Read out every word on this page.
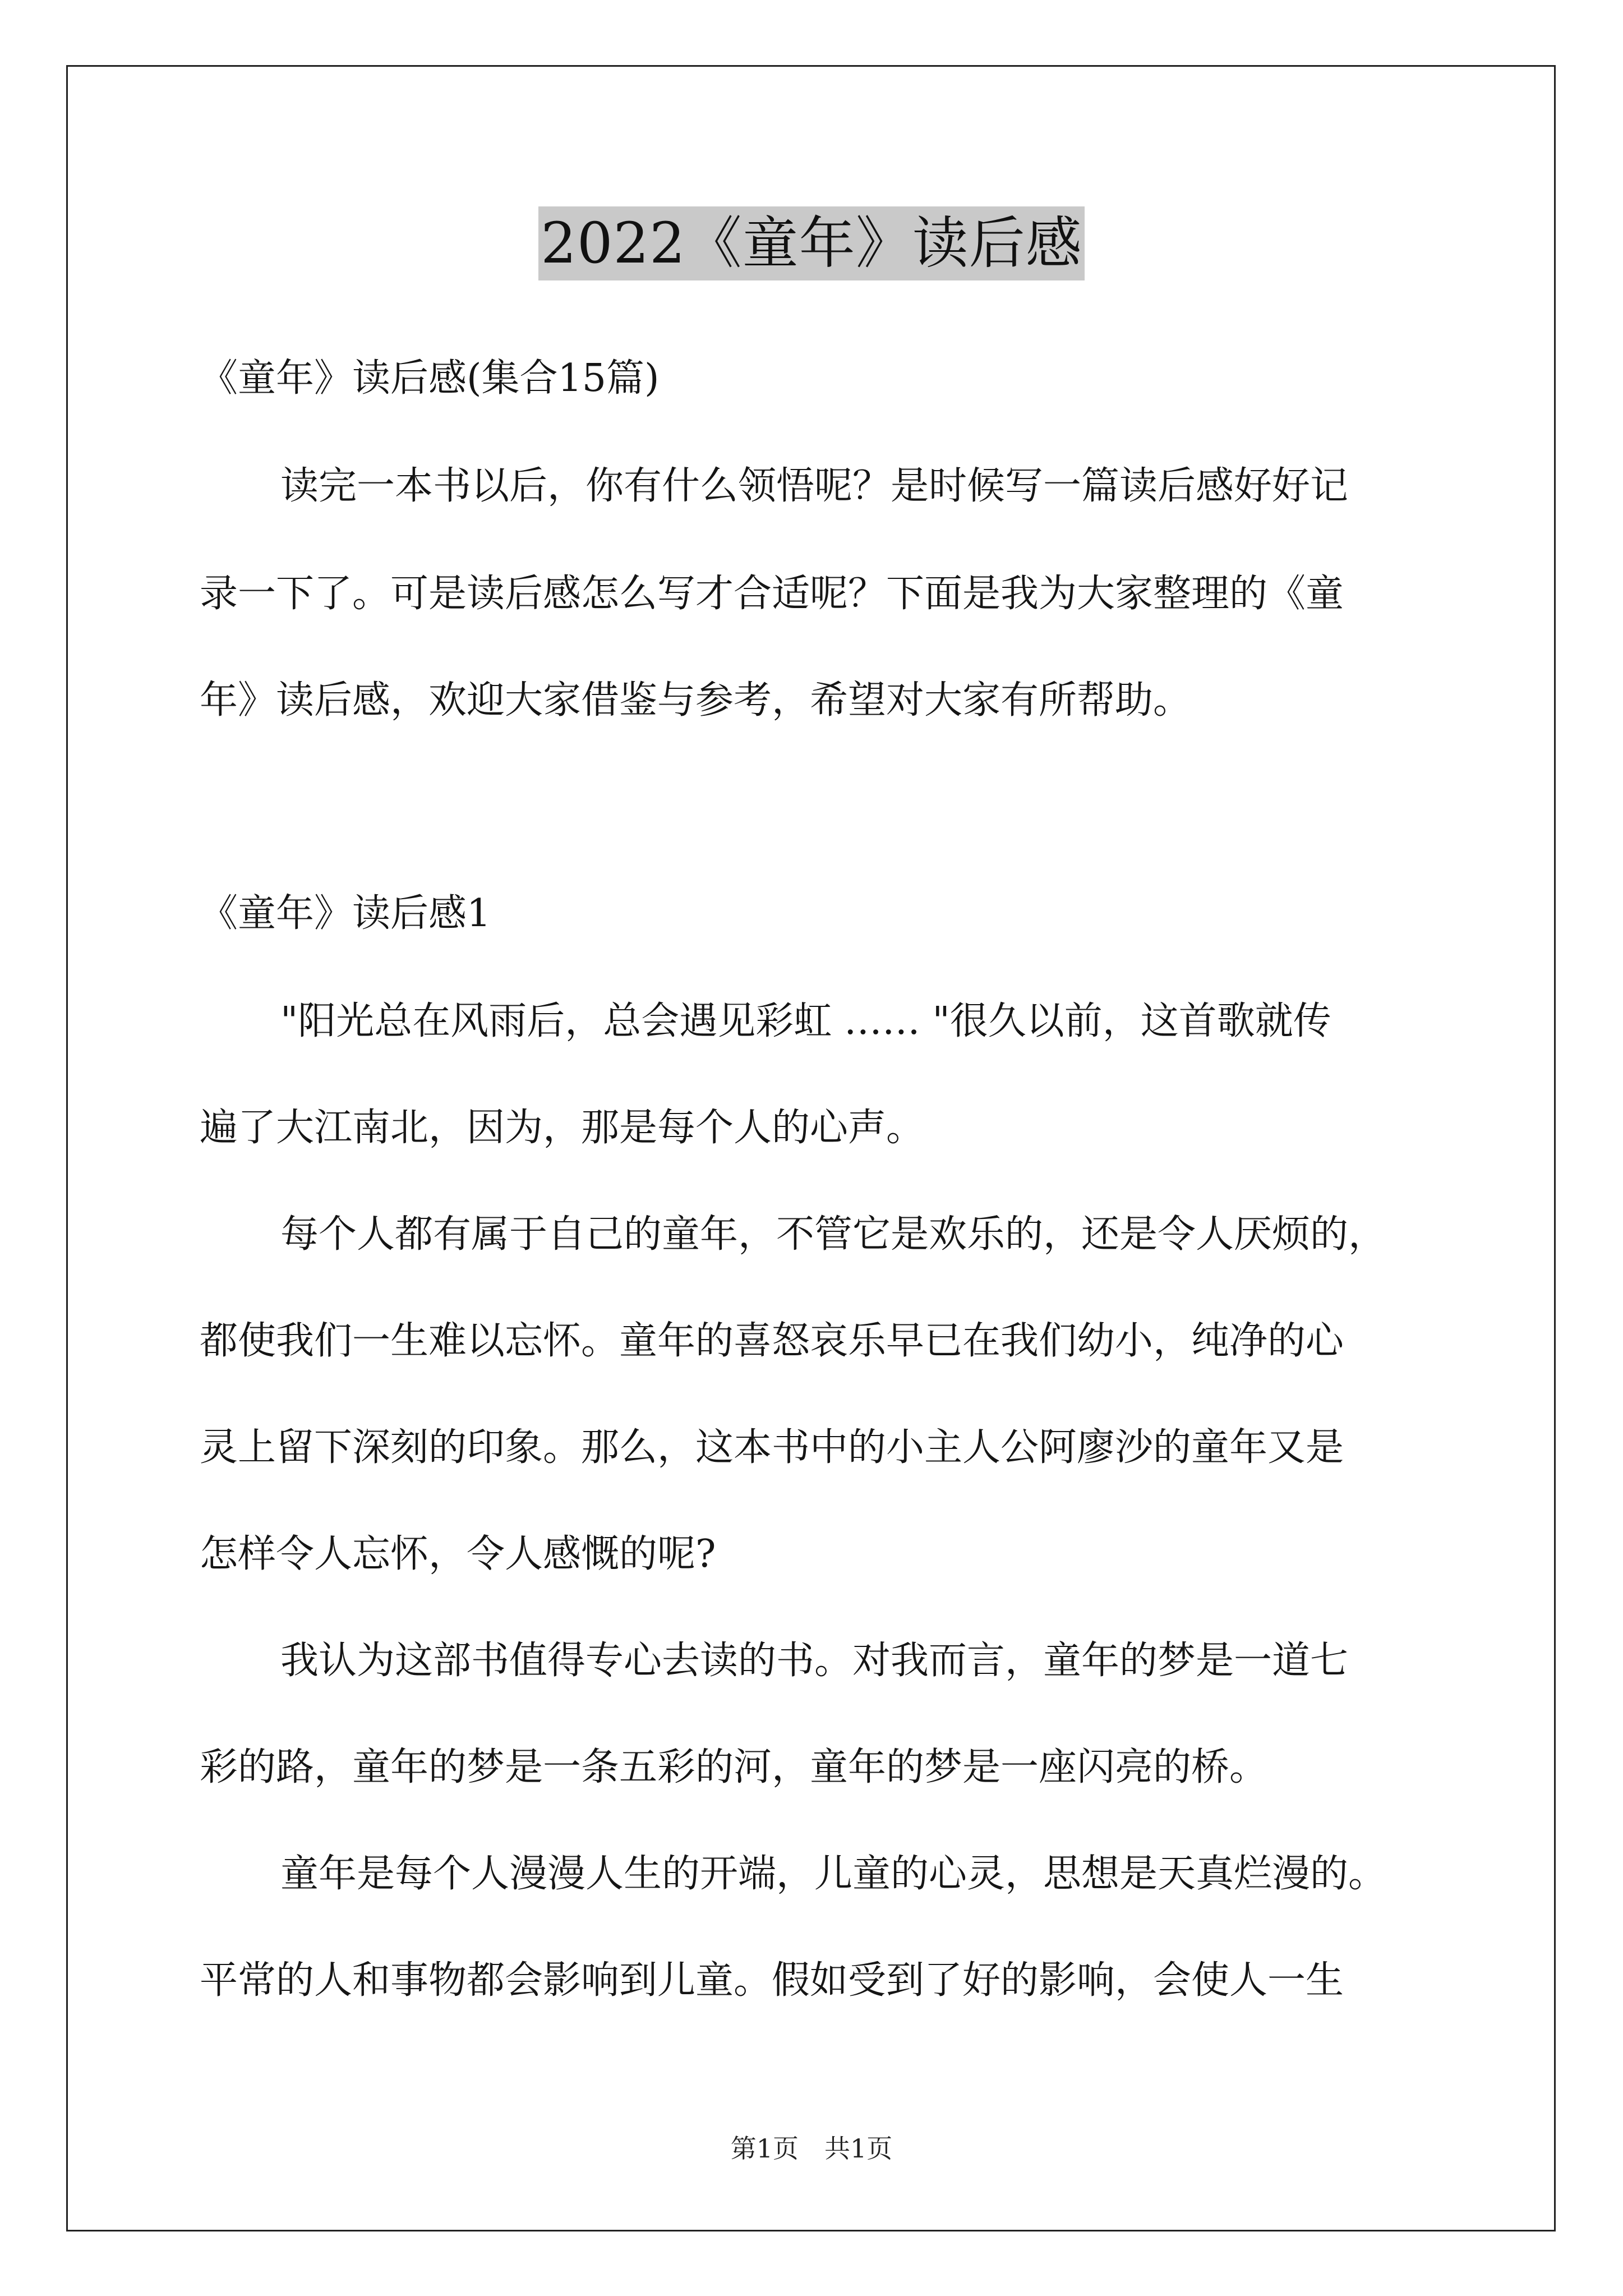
2022《童年》读后感
《童年》读后感(集合15篇)
读完一本书以后，你有什么领悟呢？是时候写一篇读后感好好记
录一下了。可是读后感怎么写才合适呢？下面是我为大家整理的《童
年》读后感，欢迎大家借鉴与参考，希望对大家有所帮助。
《童年》读后感1
"阳光总在风雨后，总会遇见彩虹 …… "很久以前，这首歌就传
遍了大江南北，因为，那是每个人的心声。
每个人都有属于自己的童年，不管它是欢乐的，还是令人厌烦的，
都使我们一生难以忘怀。童年的喜怒哀乐早已在我们幼小，纯净的心
灵上留下深刻的印象。那么，这本书中的小主人公阿廖沙的童年又是
怎样令人忘怀，令人感慨的呢?
我认为这部书值得专心去读的书。对我而言，童年的梦是一道七
彩的路，童年的梦是一条五彩的河，童年的梦是一座闪亮的桥。
童年是每个人漫漫人生的开端，儿童的心灵，思想是天真烂漫的。
平常的人和事物都会影响到儿童。假如受到了好的影响，会使人一生
第1页　共1页
